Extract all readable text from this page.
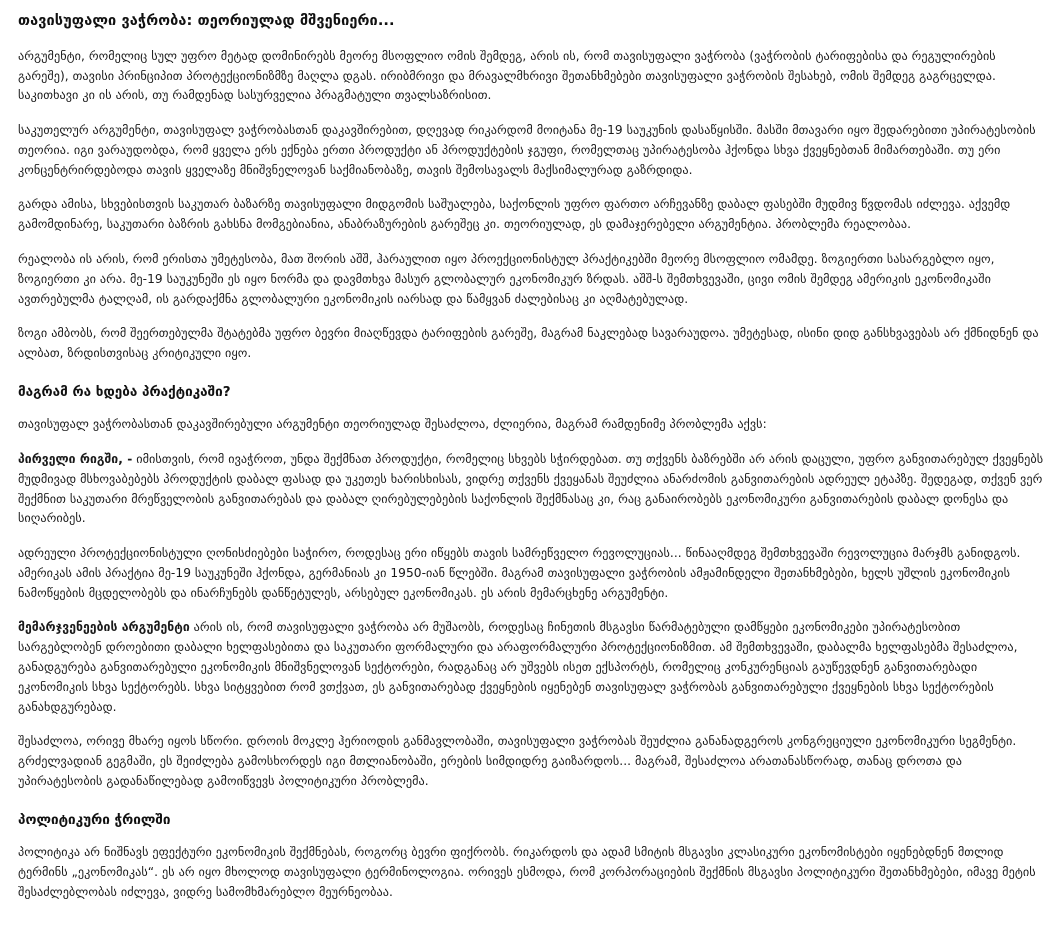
თავისუფალი ვაჭრობა: თეორიულად მშვენიერი...

არგუმენტი, რომელიც სულ უფრო მეტად დომინირებს მეორე მსოფლიო ომის შემდეგ, არის ის, რომ თავისუფალი ვაჭრობა (ვაჭრობის ტარიფებისა და რეგულირების გარეშე), თავისი პრინციპით პროტექციონიზმზე მაღლა დგას. ირიბმრივი და მრავალმხრივი შეთანხმებები თავისუფალი ვაჭრობის შესახებ, ომის შემდეგ გაგრცელდა. საკითხავი კი ის არის, თუ რამდენად სასურველია პრაგმატული თვალსაზრისით.

საკუთელურ არგუმენტი, თავისუფალ ვაჭრობასთან დაკავშირებით, დღევად რიკარდომ მოიტანა მე-19 საუკუნის დასაწყისში. მასში მთავარი იყო შედარებითი უპირატესობის თეორია. იგი ვარაუდობდა, რომ ყველა ერს ექნება ერთი პროდუქტი ან პროდუქტების ჯგუფი, რომელთაც უპირატესობა ჰქონდა სხვა ქვეყნებთან მიმართებაში. თუ ერი კონცენტრირდებოდა თავის ყველაზე მნიშვნელოვან საქმიანობაზე, თავის შემოსავალს მაქსიმალურად გაზრდიდა.

გარდა ამისა, სხვებისთვის საკუთარ ბაზარზე თავისუფალი მიდგომის საშუალება, საქონლის უფრო ფართო არჩევანზე დაბალ ფასებში მუდმივ წვდომას იძლევა. აქვემდ გამომდინარე, საკუთარი ბაზრის გახსნა მომგებიანია, ანაბრაზურების გარეშეც კი. თეორიულად, ეს დამაჯერებელი არგუმენტია. პრობლემა რეალობაა.

რეალობა ის არის, რომ ერისთა უმეტესობა, მათ შორის აშშ, ჰარაულით იყო პროექციონისტულ პრაქტიკებში მეორე მსოფლიო ომამდე. ზოგიერთი სასარგებლო იყო, ზოგიერთი კი არა. მე-19 საუკუნეში ეს იყო ნორმა და დავმთხვა მასურ გლობალურ ეკონომიკურ ზრდას. აშშ-ს შემთხვევაში, ცივი ომის შემდეგ ამერიკის ეკონომიკაში ავთრებულმა ტალღამ, ის გარდაქმნა გლობალური ეკონომიკის იარსად და წამყვან ძალებისაც კი აღმატებულად.

ზოგი ამბობს, რომ შეერთებულმა შტატებმა უფრო ბევრი მიაღწევდა ტარიფების გარეშე, მაგრამ ნაკლებად სავარაუდოა. უმეტესად, ისინი დიდ განსხვავებას არ ქმნიდნენ და ალბათ, ზრდისთვისაც კრიტიკული იყო.

მაგრამ რა ხდება პრაქტიკაში?

თავისუფალ ვაჭრობასთან დაკავშირებული არგუმენტი თეორიულად შესაძლოა, ძლიერია, მაგრამ რამდენიმე პრობლემა აქვს:

პირველი რიგში, - იმისთვის, რომ ივაჭროთ, უნდა შექმნათ პროდუქტი, რომელიც სხვებს სჭირდებათ. თუ თქვენს ბაზრებში არ არის დაცული, უფრო განვითარებულ ქვეყნებს მუდმივად მსხოვაბებებს პროდუქტის დაბალ ფასად და უკეთეს ხარისხისას, ვიდრე თქვენს ქვეყანას შეუძლია ანარძომის განვითარების ადრეულ ეტაპზე. შედეგად, თქვენ ვერ შექმნით საკუთარი მრეწველობის განვითარებას და დაბალ ღირებულებების საქონლის შექმნასაც კი, რაც განაირობებს ეკონომიკური განვითარების დაბალ დონესა და სიღარიბეს.

ადრეული პროტექციონისტული ღონისძიებები საჭირო, როდესაც ერი იწყებს თავის სამრეწველო რევოლუციას... წინააღმდეგ შემთხვევაში რევოლუცია მარჯმს განიდგოს. ამერიკას ამის პრაქტია მე-19 საუკუნეში ჰქონდა, გერმანიას კი 1950-იან წლებში. მაგრამ თავისუფალი ვაჭრობის ამჟამინდელი შეთანხმებები, ხელს უშლის ეკონომიკის ნამოწყების მცდელობებს და ინარჩუნებს დანწეტულეს, არსებულ ეკონომიკას. ეს არის მემარცხენე არგუმენტი.

მემარჯვენეების არგუმენტი არის ის, რომ თავისუფალი ვაჭრობა არ მუშაობს, როდესაც ჩინეთის მსგავსი წარმატებული დამწყები ეკონომიკები უპირატესობით სარგებლობენ დროებითი დაბალი ხელფასებითა და საკუთარი ფორმალური და არაფორმალური პროტექციონიზმით. ამ შემთხვევაში, დაბალმა ხელფასებმა შესაძლოა, განადგურება განვითარებული ეკონომიკის მნიშვნელოვან სექტორები, რადგანაც არ უშვებს ისეთ ექსპორტს, რომელიც კონკურენციას გაუწევდნენ განვითარებადი ეკონომიკის სხვა სექტორებს. სხვა სიტყვებით რომ ვთქვათ, ეს განვითარებად ქვეყნების იყენებენ თავისუფალ ვაჭრობას განვითარებული ქვეყნების სხვა სექტორების განახდგურებად.

შესაძლოა, ორივე მხარე იყოს სწორი. დროის მოკლე ჰერიოდის განმავლობაში, თავისუფალი ვაჭრობას შეუძლია განანადგეროს კონგრეციული ეკონომიკური სეგმენტი. გრძელვადიან გეგმაში, ეს შეიძლება გამოსხორდეს იგი მთლიანობაში, ერების სიმდიდრე გაიზარდოს... მაგრამ, შესაძლოა არათანასწორად, თანაც დროთა და უპირატესობის გადანაწილებად გამოიწვევს პოლიტიკური პრობლემა.

პოლიტიკური ჭრილში

პოლიტიკა არ ნიშნავს ეფექტური ეკონომიკის შექმნებას, როგორც ბევრი ფიქრობს. რიკარდოს და ადამ სმიტის მსგავსი კლასიკური ეკონომისტები იყენებდნენ მთლიდ ტერმინს „ეკონომიკას“. ეს არ იყო მხოლოდ თავისუფალი ტერმინოლოგია. ორივეს ესმოდა, რომ კორპორაციების შექმნის მსგავსი პოლიტიკური შეთანხმებები, იმავე მეტის შესაძლებლობას იძლევა, ვიდრე სამომხმარებლო მეურნეობაა.
